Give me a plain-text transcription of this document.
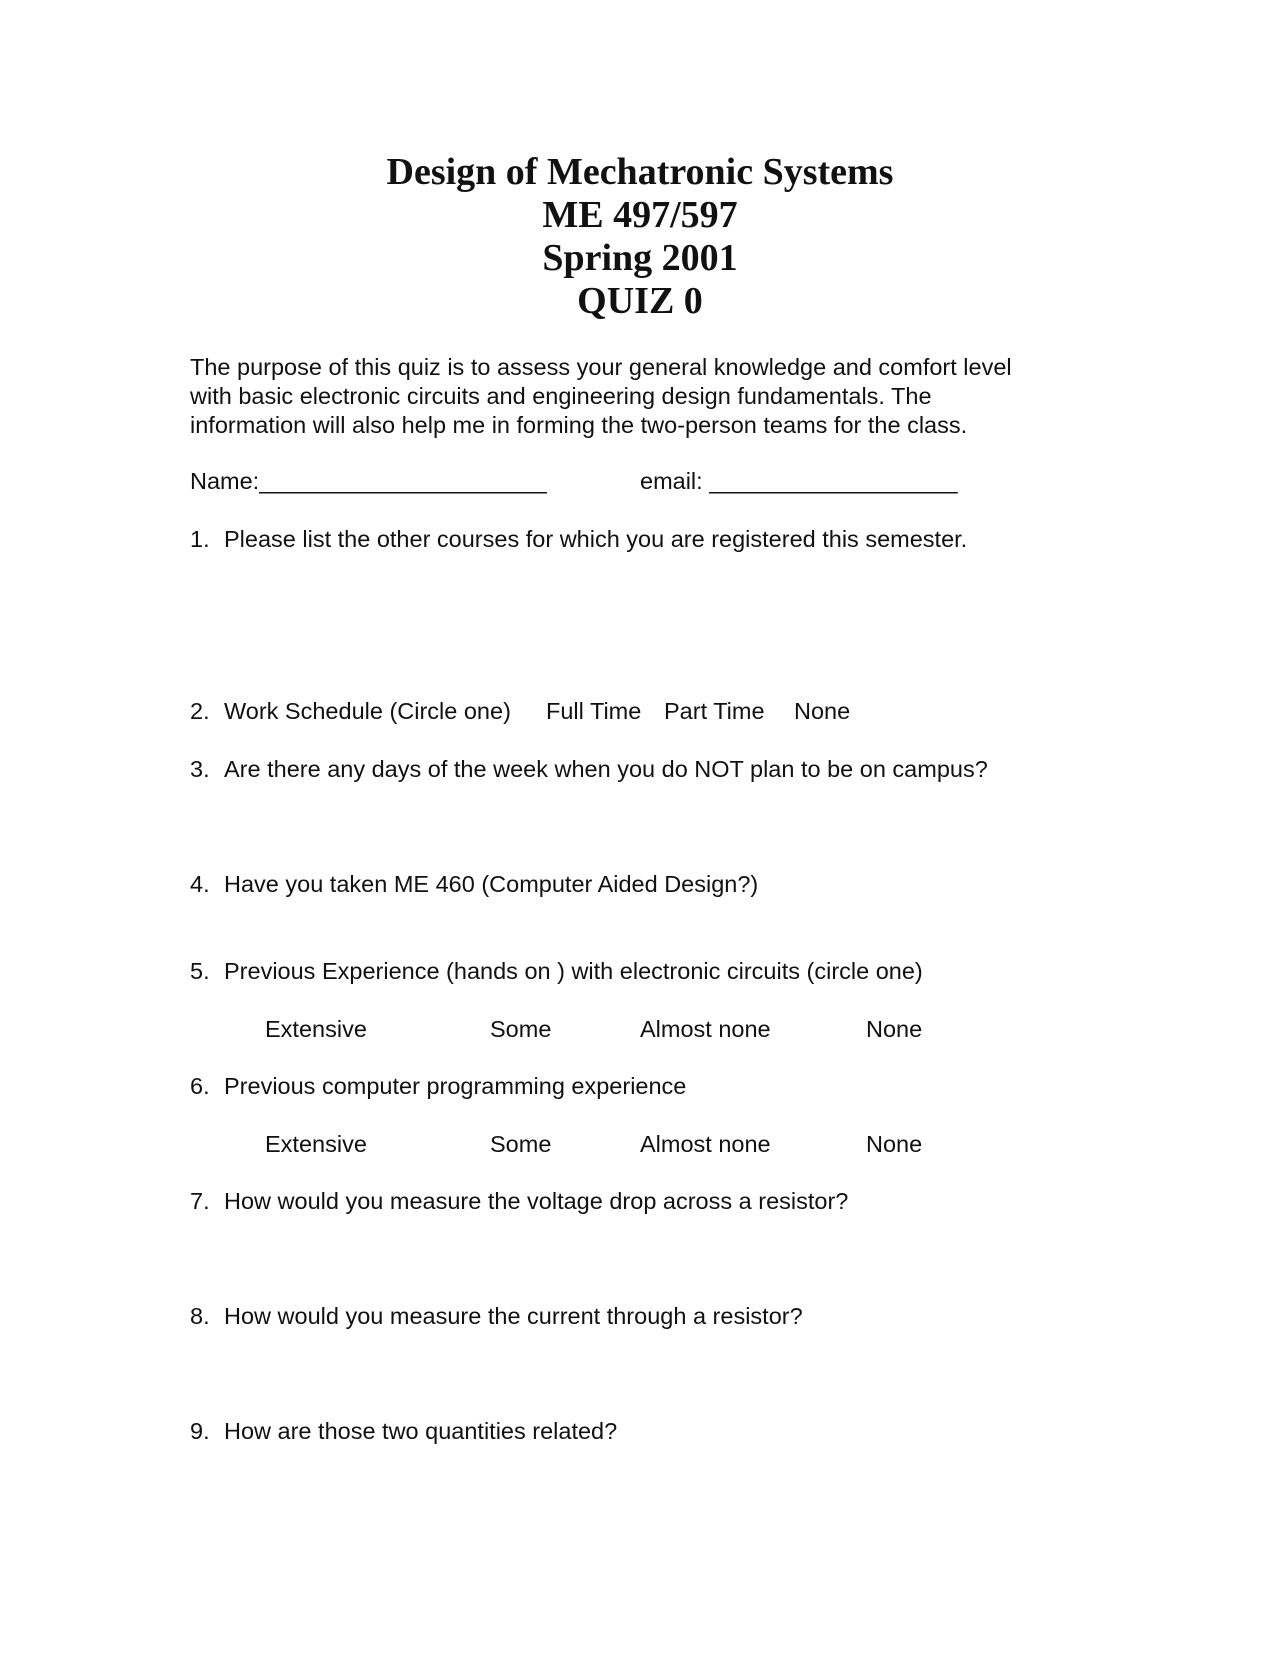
Design of Mechatronic Systems
ME 497/597
Spring 2001
QUIZ 0
The purpose of this quiz is to assess your general knowledge and comfort level
with basic electronic circuits and engineering design fundamentals. The
information will also help me in forming the two-person teams for the class.
Name:______________________	email: ___________________
1. Please list the other courses for which you are registered this semester.
2. Work Schedule (Circle one) Full Time Part Time None
3. Are there any days of the week when you do NOT plan to be on campus?
4. Have you taken ME 460 (Computer Aided Design?)
5. Previous Experience (hands on ) with electronic circuits (circle one)
Extensive	Some	Almost none	None
6. Previous computer programming experience
Extensive	Some	Almost none	None
7. How would you measure the voltage drop across a resistor?
8. How would you measure the current through a resistor?
9. How are those two quantities related?
